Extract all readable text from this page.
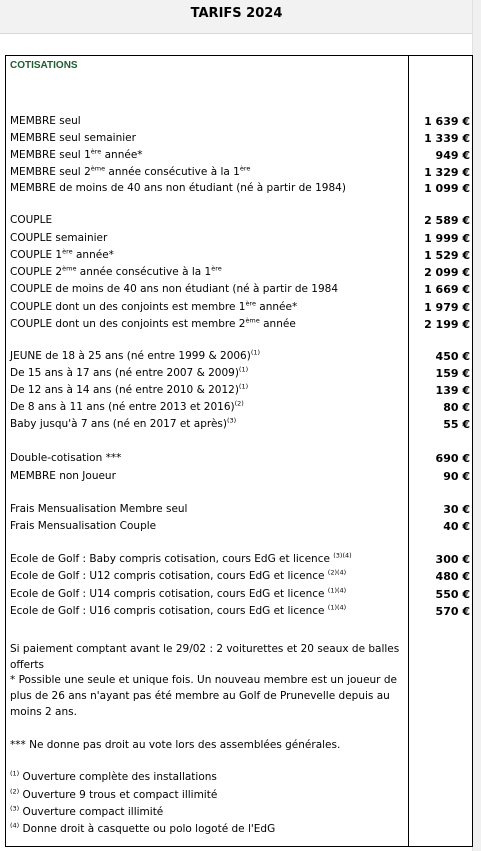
TARIFS 2024
COTISATIONS
MEMBRE seul	1 639 €
MEMBRE seul semainier	1 339 €
MEMBRE seul 1ère année*	949 €
MEMBRE seul 2ème année consécutive à la 1ère	1 329 €
MEMBRE de moins de 40 ans non étudiant (né à partir de 1984)	1 099 €
COUPLE	2 589 €
COUPLE semainier	1 999 €
COUPLE 1ère année*	1 529 €
COUPLE 2ème année consécutive à la 1ère	2 099 €
COUPLE de moins de 40 ans non étudiant (né à partir de 1984	1 669 €
COUPLE dont un des conjoints est membre 1ère année*	1 979 €
COUPLE dont un des conjoints est membre 2ème année	2 199 €
JEUNE de 18 à 25 ans (né entre 1999 & 2006)$^{(1)}$	450 €
De 15 ans à 17 ans (né entre 2007 & 2009)$^{(1)}$	159 €
De 12 ans à 14 ans (né entre 2010 & 2012)$^{(1)}$	139 €
De 8 ans à 11 ans (né entre 2013 et 2016)$^{(2)}$	80 €
Baby jusqu'à 7 ans (né en 2017 et après)$^{(3)}$	55 €
Double-cotisation ***	690 €
MEMBRE non Joueur	90 €
Frais Mensualisation Membre seul	30 €
Frais Mensualisation Couple	40 €
Ecole de Golf : Baby compris cotisation, cours EdG et licence $^{(3)(4)}$	300 €
Ecole de Golf : U12 compris cotisation, cours EdG et licence $^{(2)(4)}$	480 €
Ecole de Golf : U14 compris cotisation, cours EdG et licence $^{(1)(4)}$	550 €
Ecole de Golf : U16 compris cotisation, cours EdG et licence $^{(1)(4)}$	570 €
Si paiement comptant avant le 29/02 : 2 voiturettes et 20 seaux de balles offerts
* Possible une seule et unique fois. Un nouveau membre est un joueur de plus de 26 ans n'ayant pas été membre au Golf de Prunevelle depuis au moins 2 ans.
*** Ne donne pas droit au vote lors des assemblées générales.
$^{(1)}$ Ouverture complète des installations
$^{(2)}$ Ouverture 9 trous et compact illimité
$^{(3)}$ Ouverture compact illimité
$^{(4)}$ Donne droit à casquette ou polo logoté de l'EdG
